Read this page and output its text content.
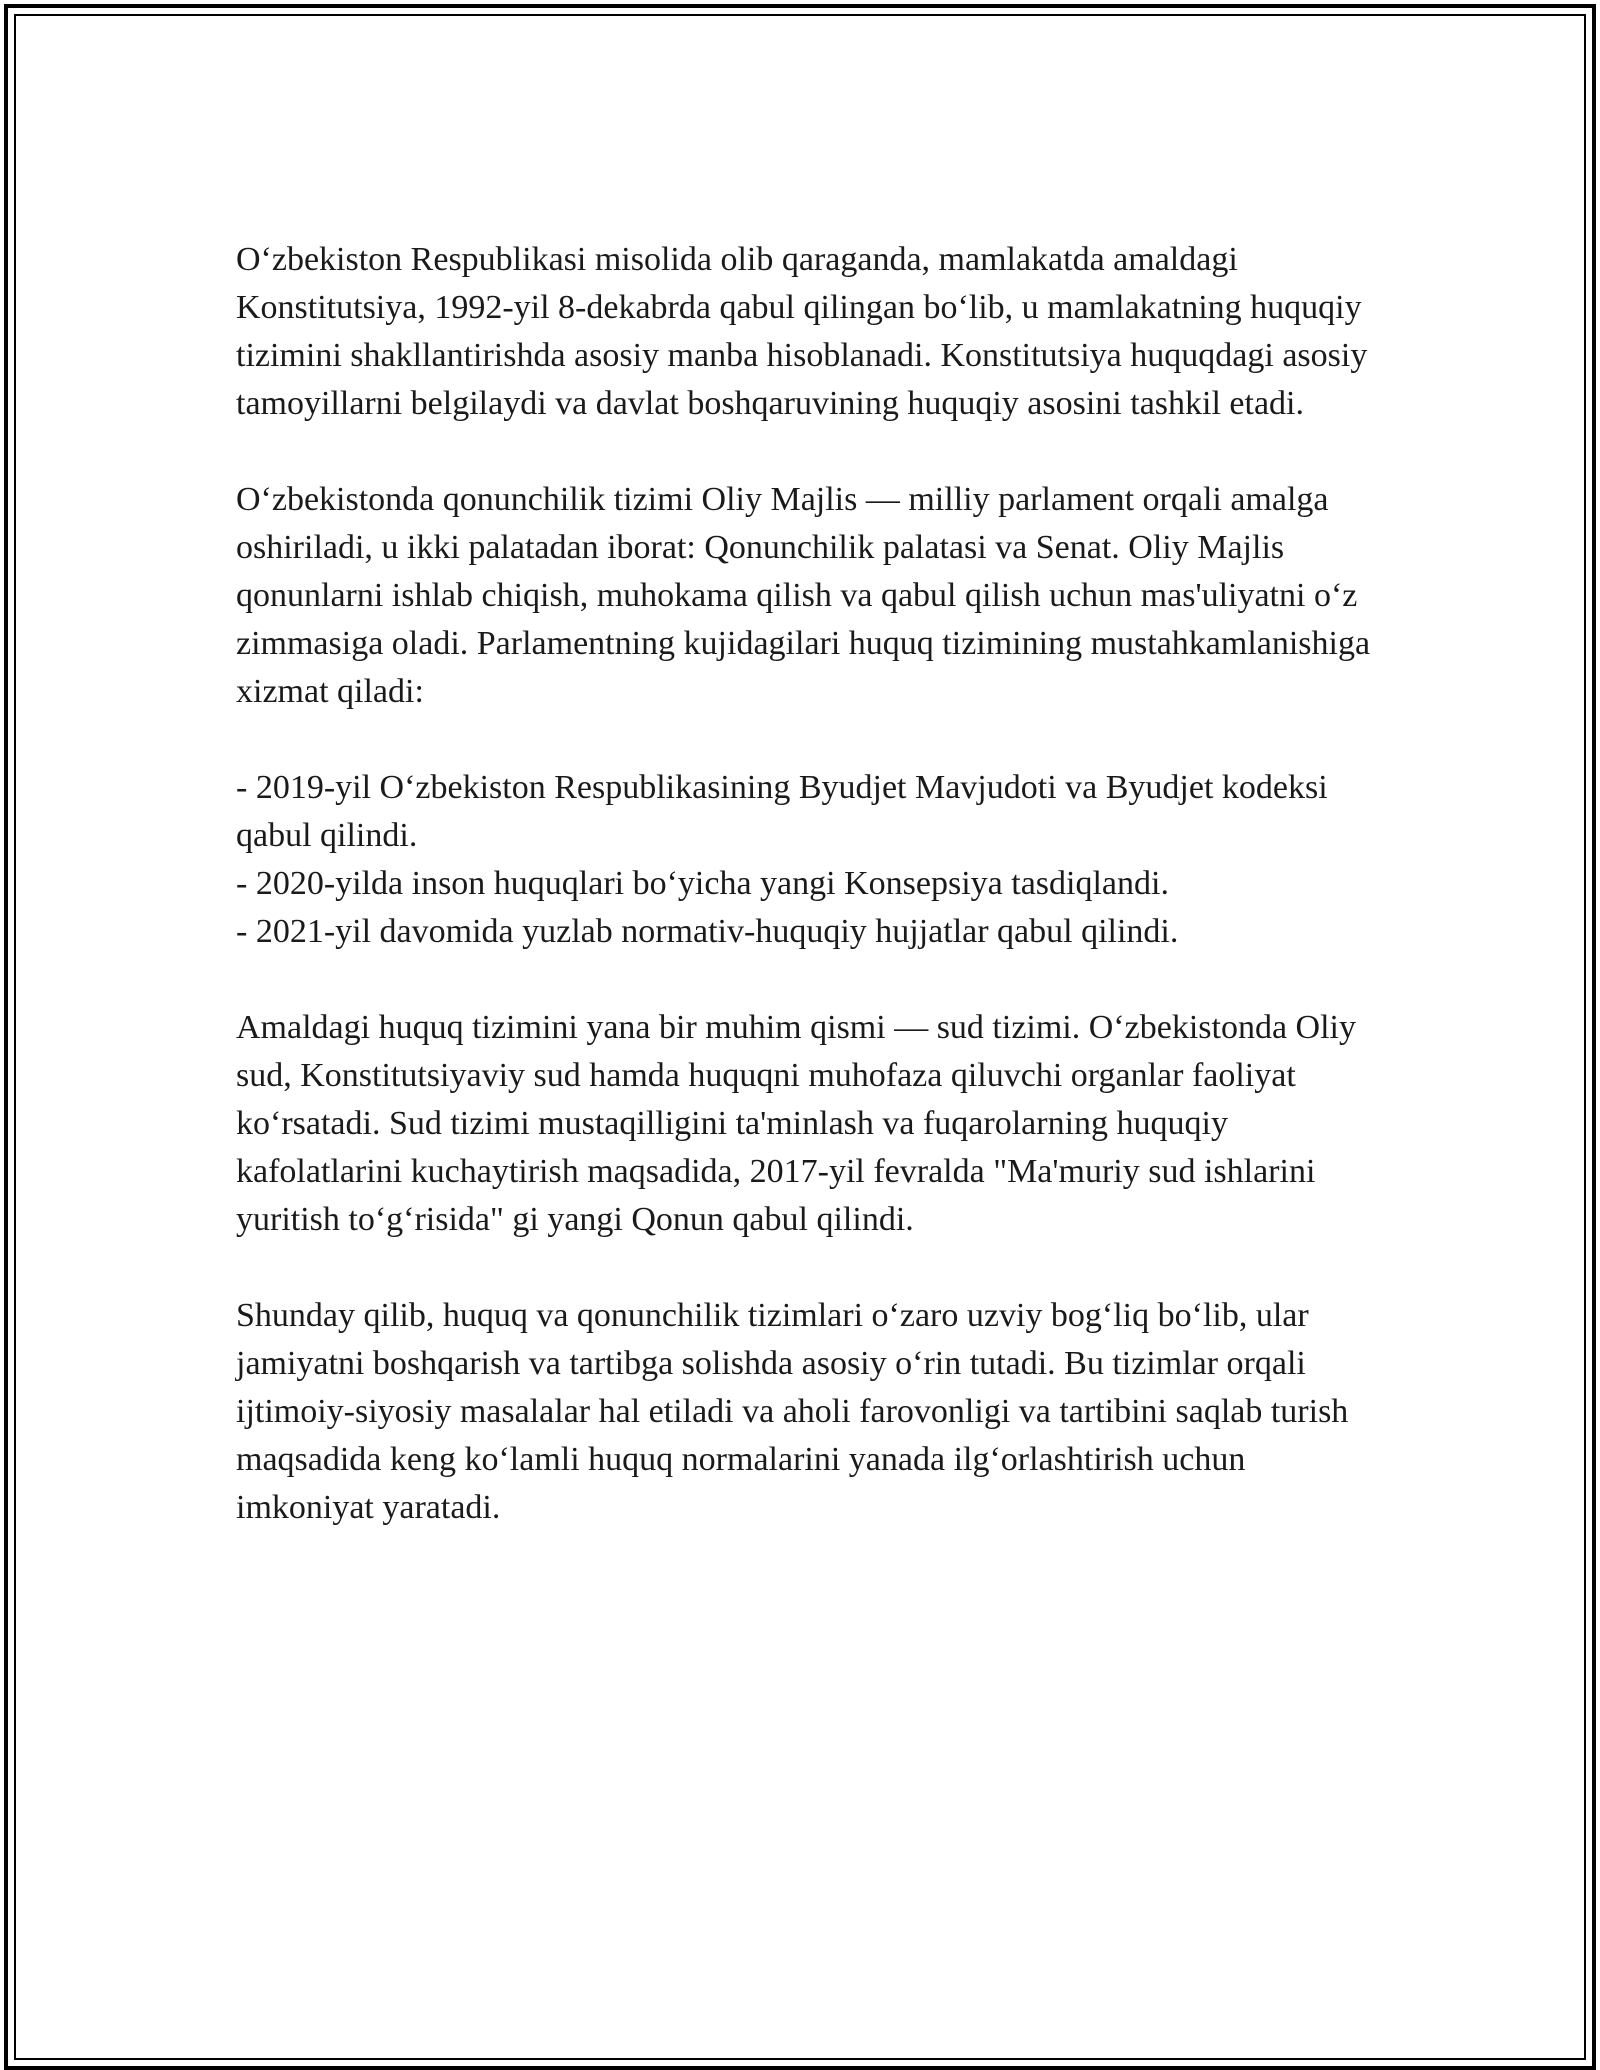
O‘zbekiston Respublikasi misolida olib qaraganda, mamlakatda amaldagi Konstitutsiya, 1992-yil 8-dekabrda qabul qilingan bo‘lib, u mamlakatning huquqiy tizimini shakllantirishda asosiy manba hisoblanadi. Konstitutsiya huquqdagi asosiy tamoyillarni belgilaydi va davlat boshqaruvining huquqiy asosini tashkil etadi.

O‘zbekistonda qonunchilik tizimi Oliy Majlis — milliy parlament orqali amalga oshiriladi, u ikki palatadan iborat: Qonunchilik palatasi va Senat. Oliy Majlis qonunlarni ishlab chiqish, muhokama qilish va qabul qilish uchun mas'uliyatni o‘z zimmasiga oladi. Parlamentning kujidagilari huquq tizimining mustahkamlanishiga xizmat qiladi:

- 2019-yil O‘zbekiston Respublikasining Byudjet Mavjudoti va Byudjet kodeksi qabul qilindi.
- 2020-yilda inson huquqlari bo‘yicha yangi Konsepsiya tasdiqlandi.
- 2021-yil davomida yuzlab normativ-huquqiy hujjatlar qabul qilindi.

Amaldagi huquq tizimini yana bir muhim qismi — sud tizimi. O‘zbekistonda Oliy sud, Konstitutsiyaviy sud hamda huquqni muhofaza qiluvchi organlar faoliyat ko‘rsatadi. Sud tizimi mustaqilligini ta'minlash va fuqarolarning huquqiy kafolatlarini kuchaytirish maqsadida, 2017-yil fevralda "Ma'muriy sud ishlarini yuritish to‘g‘risida" gi yangi Qonun qabul qilindi.

Shunday qilib, huquq va qonunchilik tizimlari o‘zaro uzviy bog‘liq bo‘lib, ular jamiyatni boshqarish va tartibga solishda asosiy o‘rin tutadi. Bu tizimlar orqali ijtimoiy-siyosiy masalalar hal etiladi va aholi farovonligi va tartibini saqlab turish maqsadida keng ko‘lamli huquq normalarini yanada ilg‘orlashtirish uchun imkoniyat yaratadi.
